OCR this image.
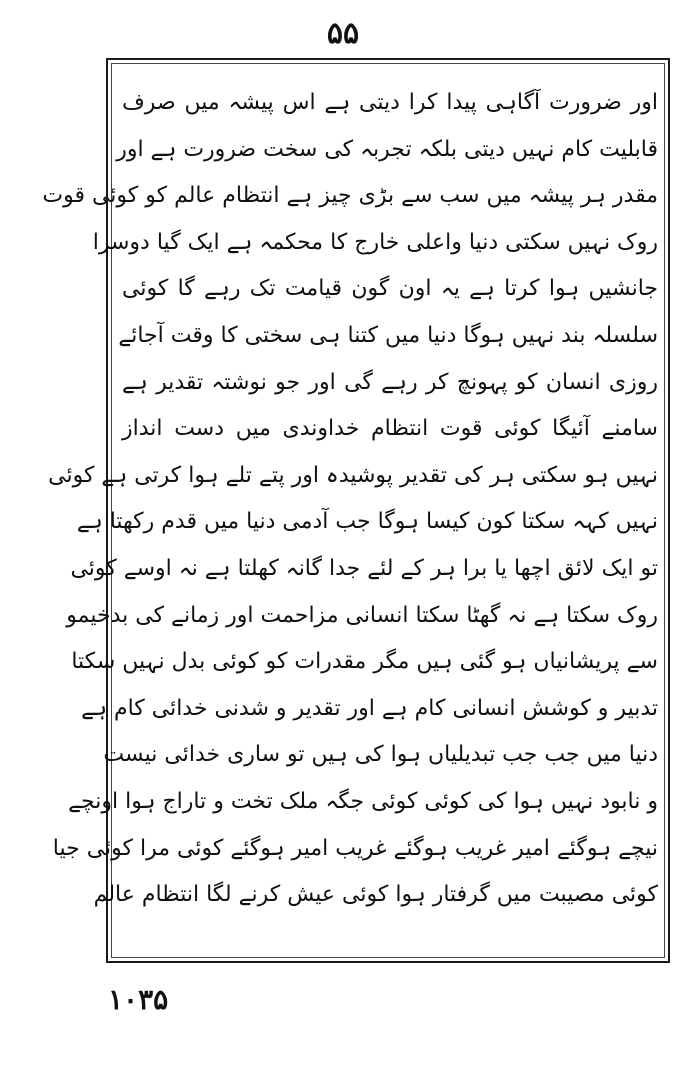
۵۵
اور ضرورت آگاہی پیدا کرا دیتی ہے اس پیشہ میں صرف
قابلیت کام نہیں دیتی بلکہ تجربہ کی سخت ضرورت ہے اور
مقدر ہر پیشہ میں سب سے بڑی چیز ہے انتظام عالم کو کوئی قوت
روک نہیں سکتی دنیا واعلی خارج کا محکمہ ہے ایک گیا دوسرا
جانشیں ہوا کرتا ہے یہ اون گون قیامت تک رہے گا کوئی
سلسلہ بند نہیں ہوگا دنیا میں کتنا ہی سختی کا وقت آجائے
روزی انسان کو پہونچ کر رہے گی اور جو نوشتہ تقدیر ہے
سامنے آئیگا کوئی قوت انتظام خداوندی میں دست انداز
نہیں ہو سکتی ہر کی تقدیر پوشیدہ اور پتے تلے ہوا کرتی ہے کوئی
نہیں کہہ سکتا کون کیسا ہوگا جب آدمی دنیا میں قدم رکھتا ہے
تو ایک لائق اچھا یا برا ہر کے لئے جدا گانہ کھلتا ہے نہ اوسے کوئی
روک سکتا ہے نہ گھٹا سکتا انسانی مزاحمت اور زمانے کی بدخیمو
سے پریشانیاں ہو گئی ہیں مگر مقدرات کو کوئی بدل نہیں سکتا
تدبیر و کوشش انسانی کام ہے اور تقدیر و شدنی خدائی کام ہے
دنیا میں جب جب تبدیلیاں ہوا کی ہیں تو ساری خدائی نیست
و نابود نہیں ہوا کی کوئی کوئی جگہ ملک تخت و تاراج ہوا اونچے
نیچے ہوگئے امیر غریب ہوگئے غریب امیر ہوگئے کوئی مرا کوئی جیا
کوئی مصیبت میں گرفتار ہوا کوئی عیش کرنے لگا انتظام عالم
۱۰۳۵
